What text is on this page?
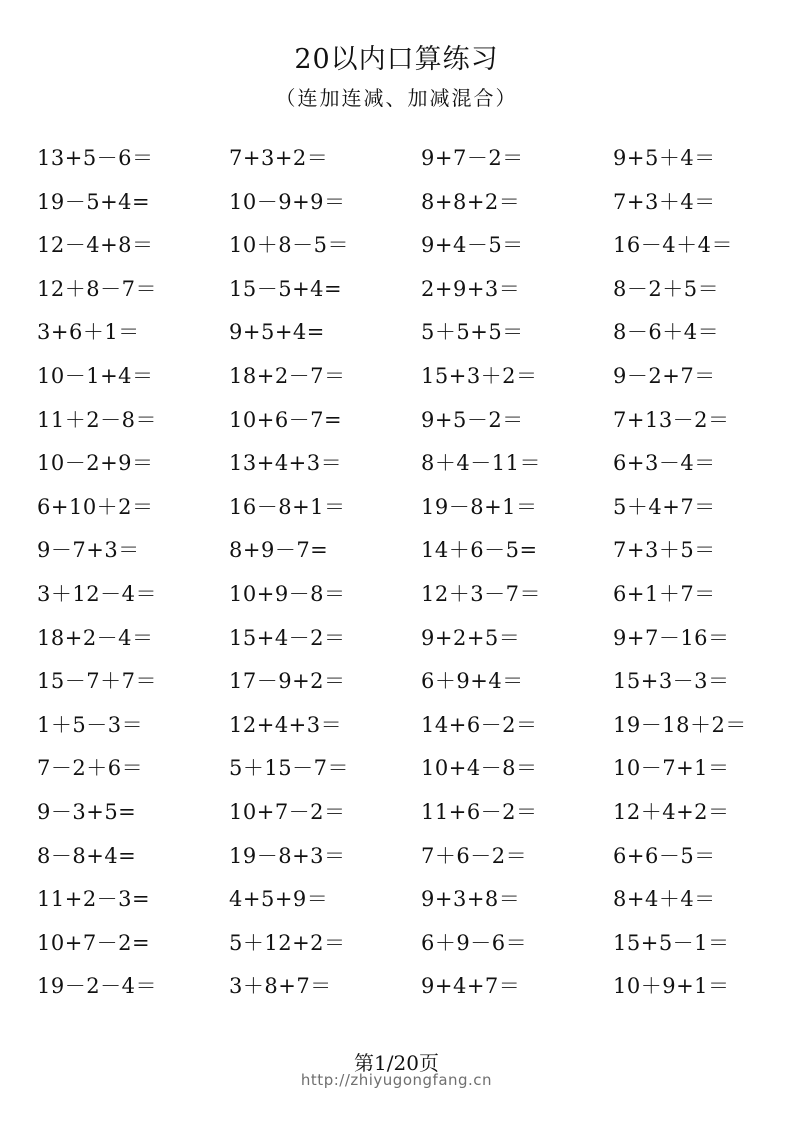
20以内口算练习
（连加连减、加减混合）
13+5－6＝	7+3+2＝	9+7－2＝	9+5＋4＝
19－5+4=	10－9+9＝	8+8+2＝	7+3＋4＝
12－4+8＝	10＋8－5＝	9+4－5＝	16－4＋4＝
12＋8－7＝	15－5+4=	2+9+3＝	8－2＋5＝
3+6＋1＝	9+5+4=	5＋5+5＝	8－6＋4＝
10－1+4＝	18+2－7＝	15+3＋2＝	9－2+7＝
11＋2－8＝	10+6－7=	9+5－2＝	7+13－2＝
10－2+9＝	13+4+3＝	8＋4－11＝	6+3－4＝
6+10＋2＝	16－8+1＝	19－8+1＝	5＋4+7＝
9－7+3＝	8+9－7=	14＋6－5=	7+3＋5＝
3＋12－4＝	10+9－8＝	12＋3－7＝	6+1＋7＝
18+2－4＝	15+4－2＝	9+2+5＝	9+7－16＝
15－7＋7＝	17－9+2＝	6＋9+4＝	15+3－3＝
1＋5－3＝	12+4+3＝	14+6－2＝	19－18＋2＝
7－2＋6＝	5＋15－7＝	10+4－8＝	10－7+1＝
9－3+5=	10+7－2＝	11+6－2＝	12＋4+2＝
8－8+4=	19－8+3＝	7＋6－2＝	6+6－5＝
11+2－3=	4+5+9＝	9+3+8＝	8+4＋4＝
10+7－2=	5＋12+2＝	6＋9－6＝	15+5－1＝
19－2－4＝	3＋8+7＝	9+4+7＝	10＋9+1＝
第1/20页
http://zhiyugongfang.cn
